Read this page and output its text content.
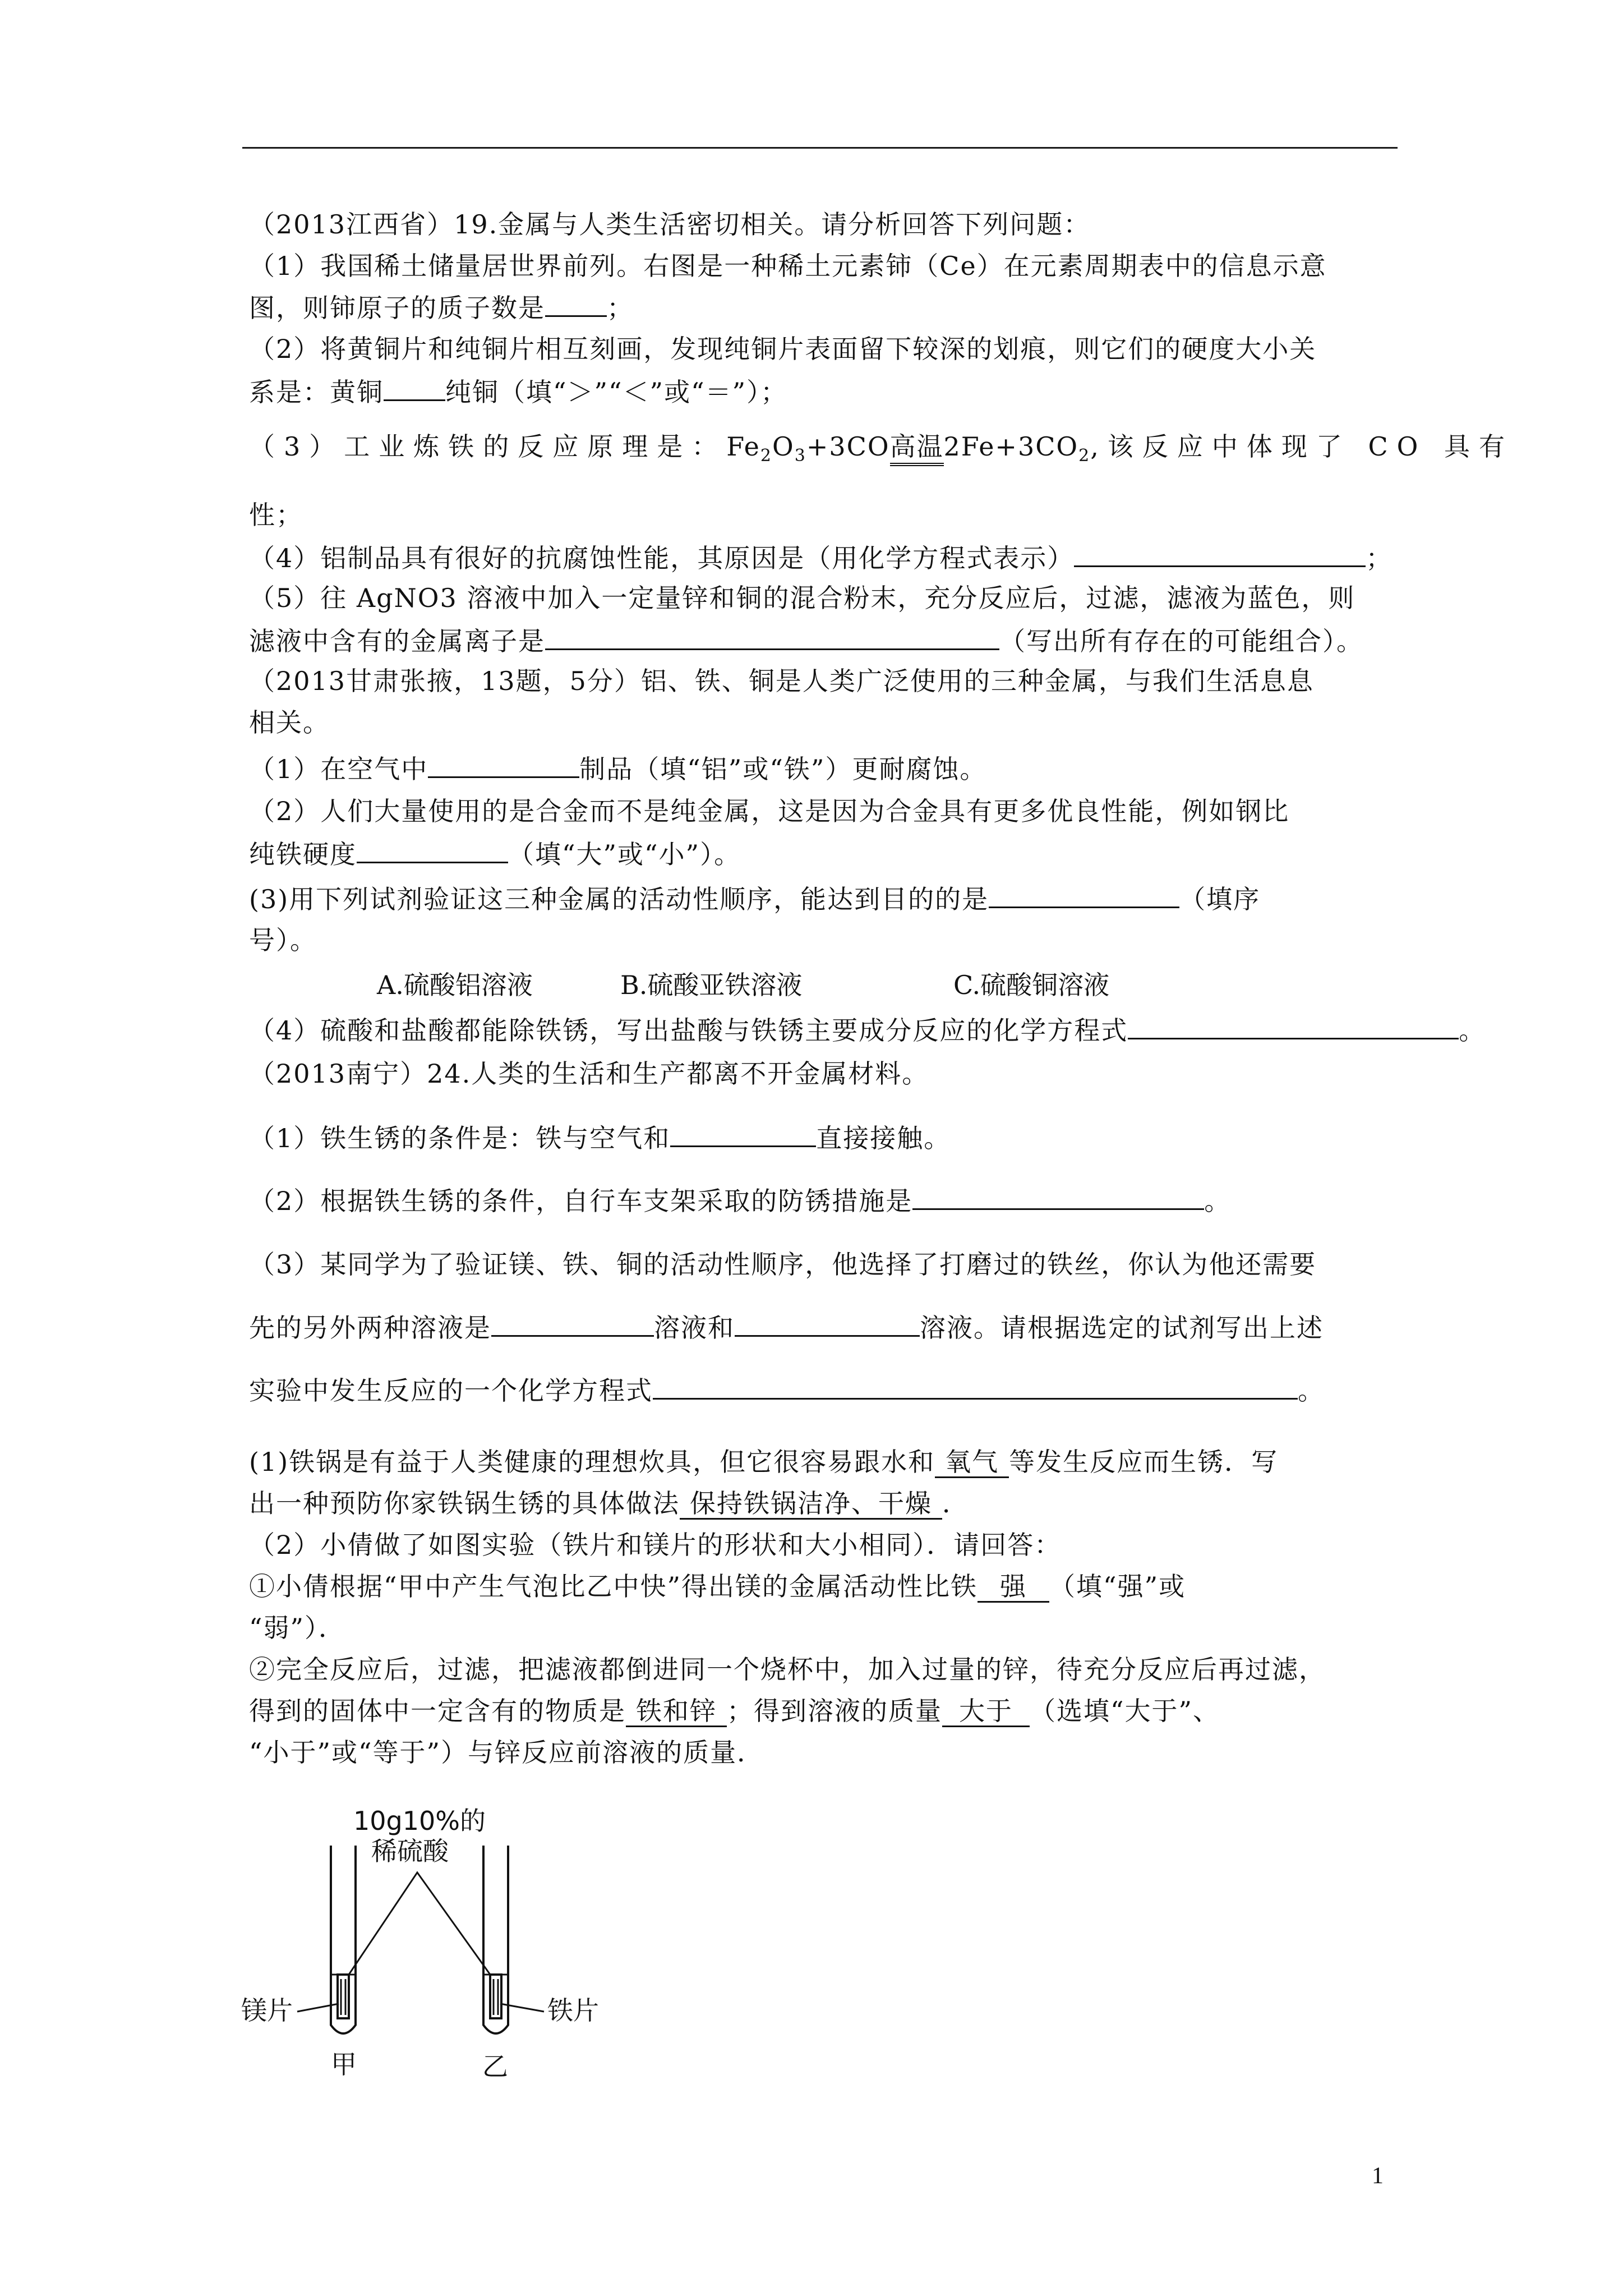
（2013江西省）19.金属与人类生活密切相关。请分析回答下列问题：
（1）我国稀土储量居世界前列。右图是一种稀土元素铈（Ce）在元素周期表中的信息示意
图，则铈原子的质子数是 ；
（2）将黄铜片和纯铜片相互刻画，发现纯铜片表面留下较深的划痕，则它们的硬度大小关
系是：黄铜 纯铜（填“＞”“＜”或“＝”）；
（3）工业炼铁的反应原理是：$Fe_2O_3+3CO$高温$2Fe+3CO_2$,该反应中体现了 CO 具有
性；
（4）铝制品具有很好的抗腐蚀性能，其原因是（用化学方程式表示）	；
（5）往 AgNO3 溶液中加入一定量锌和铜的混合粉末，充分反应后，过滤，滤液为蓝色，则
滤液中含有的金属离子是	（写出所有存在的可能组合）。
（2013甘肃张掖，13题，5分）铝、铁、铜是人类广泛使用的三种金属，与我们生活息息
相关。
（1）在空气中	制品（填“铝”或“铁”）更耐腐蚀。
（2）人们大量使用的是合金而不是纯金属，这是因为合金具有更多优良性能，例如钢比
纯铁硬度	（填“大”或“小”）。
(3)用下列试剂验证这三种金属的活动性顺序，能达到目的的是	（填序
号）。
A.硫酸铝溶液	B.硫酸亚铁溶液	C.硫酸铜溶液
（4）硫酸和盐酸都能除铁锈，写出盐酸与铁锈主要成分反应的化学方程式	。
（2013南宁）24.人类的生活和生产都离不开金属材料。
（1）铁生锈的条件是：铁与空气和	直接接触。
（2）根据铁生锈的条件，自行车支架采取的防锈措施是	。
（3）某同学为了验证镁、铁、铜的活动性顺序，他选择了打磨过的铁丝，你认为他还需要
先的另外两种溶液是	溶液和	溶液。请根据选定的试剂写出上述
实验中发生反应的一个化学方程式	。
(1)铁锅是有益于人类健康的理想炊具，但它很容易跟水和 氧气 等发生反应而生锈．写
出一种预防你家铁锅生锈的具体做法 保持铁锅洁净、干燥 ．
（2）小倩做了如图实验（铁片和镁片的形状和大小相同）．请回答：
①小倩根据“甲中产生气泡比乙中快”得出镁的金属活动性比铁 强 （填“强”或
“弱”）．
②完全反应后，过滤，把滤液都倒进同一个烧杯中，加入过量的锌，待充分反应后再过滤，
得到的固体中一定含有的物质是 铁和锌 ；得到溶液的质量 大于 （选填“大于”、
“小于”或“等于”）与锌反应前溶液的质量．
10g10%的
稀硫酸
镁片	铁片
甲	乙
1
